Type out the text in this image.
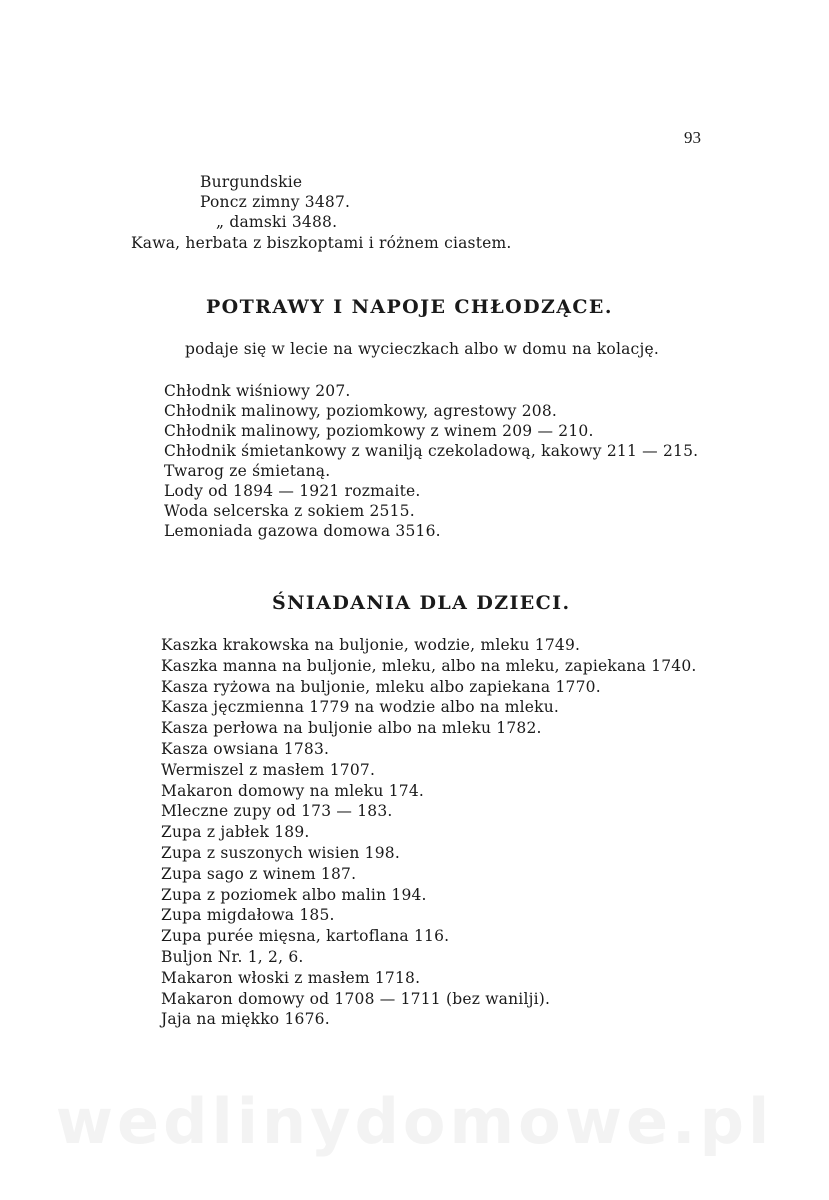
93
Burgundskie
Poncz zimny 3487.
„ damski 3488.
Kawa, herbata z biszkoptami i różnem ciastem.
POTRAWY I NAPOJE CHŁODZĄCE.
podaje się w lecie na wycieczkach albo w domu na kolację.
Chłodnk wiśniowy 207.
Chłodnik malinowy, poziomkowy, agrestowy 208.
Chłodnik malinowy, poziomkowy z winem 209 — 210.
Chłodnik śmietankowy z wanilją czekoladową, kakowy 211 — 215.
Twarog ze śmietaną.
Lody od 1894 — 1921 rozmaite.
Woda selcerska z sokiem 2515.
Lemoniada gazowa domowa 3516.
ŚNIADANIA DLA DZIECI.
Kaszka krakowska na buljonie, wodzie, mleku 1749.
Kaszka manna na buljonie, mleku, albo na mleku, zapiekana 1740.
Kasza ryżowa na buljonie, mleku albo zapiekana 1770.
Kasza jęczmienna 1779 na wodzie albo na mleku.
Kasza perłowa na buljonie albo na mleku 1782.
Kasza owsiana 1783.
Wermiszel z masłem 1707.
Makaron domowy na mleku 174.
Mleczne zupy od 173 — 183.
Zupa z jabłek 189.
Zupa z suszonych wisien 198.
Zupa sago z winem 187.
Zupa z poziomek albo malin 194.
Zupa migdałowa 185.
Zupa purée mięsna, kartoflana 116.
Buljon Nr. 1, 2, 6.
Makaron włoski z masłem 1718.
Makaron domowy od 1708 — 1711 (bez wanilji).
Jaja na miękko 1676.
wedlinydomowe.pl
